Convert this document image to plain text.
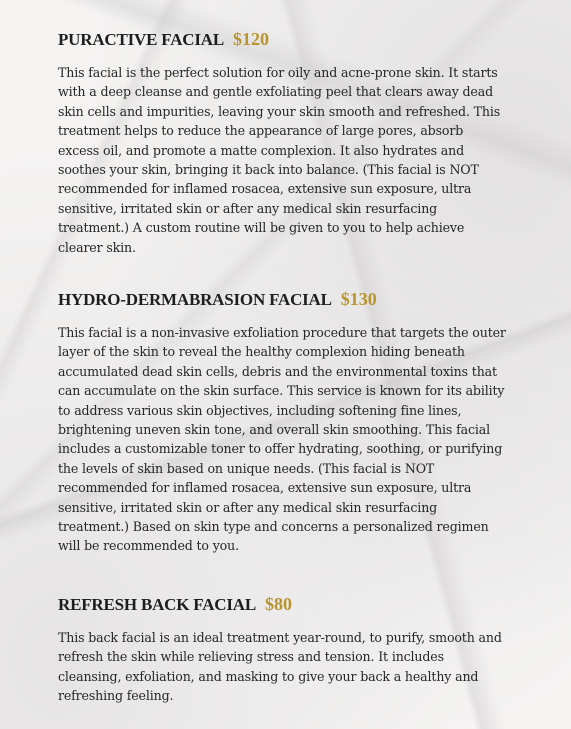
PURACTIVE FACIAL $120

This facial is the perfect solution for oily and acne-prone skin. It starts with a deep cleanse and gentle exfoliating peel that clears away dead skin cells and impurities, leaving your skin smooth and refreshed. This treatment helps to reduce the appearance of large pores, absorb excess oil, and promote a matte complexion. It also hydrates and soothes your skin, bringing it back into balance. (This facial is NOT recommended for inflamed rosacea, extensive sun exposure, ultra sensitive, irritated skin or after any medical skin resurfacing treatment.) A custom routine will be given to you to help achieve clearer skin.

HYDRO-DERMABRASION FACIAL $130

This facial is a non-invasive exfoliation procedure that targets the outer layer of the skin to reveal the healthy complexion hiding beneath accumulated dead skin cells, debris and the environmental toxins that can accumulate on the skin surface. This service is known for its ability to address various skin objectives, including softening fine lines, brightening uneven skin tone, and overall skin smoothing. This facial includes a customizable toner to offer hydrating, soothing, or purifying the levels of skin based on unique needs. (This facial is NOT recommended for inflamed rosacea, extensive sun exposure, ultra sensitive, irritated skin or after any medical skin resurfacing treatment.) Based on skin type and concerns a personalized regimen will be recommended to you.

REFRESH BACK FACIAL $80

This back facial is an ideal treatment year-round, to purify, smooth and refresh the skin while relieving stress and tension. It includes cleansing, exfoliation, and masking to give your back a healthy and refreshing feeling.
